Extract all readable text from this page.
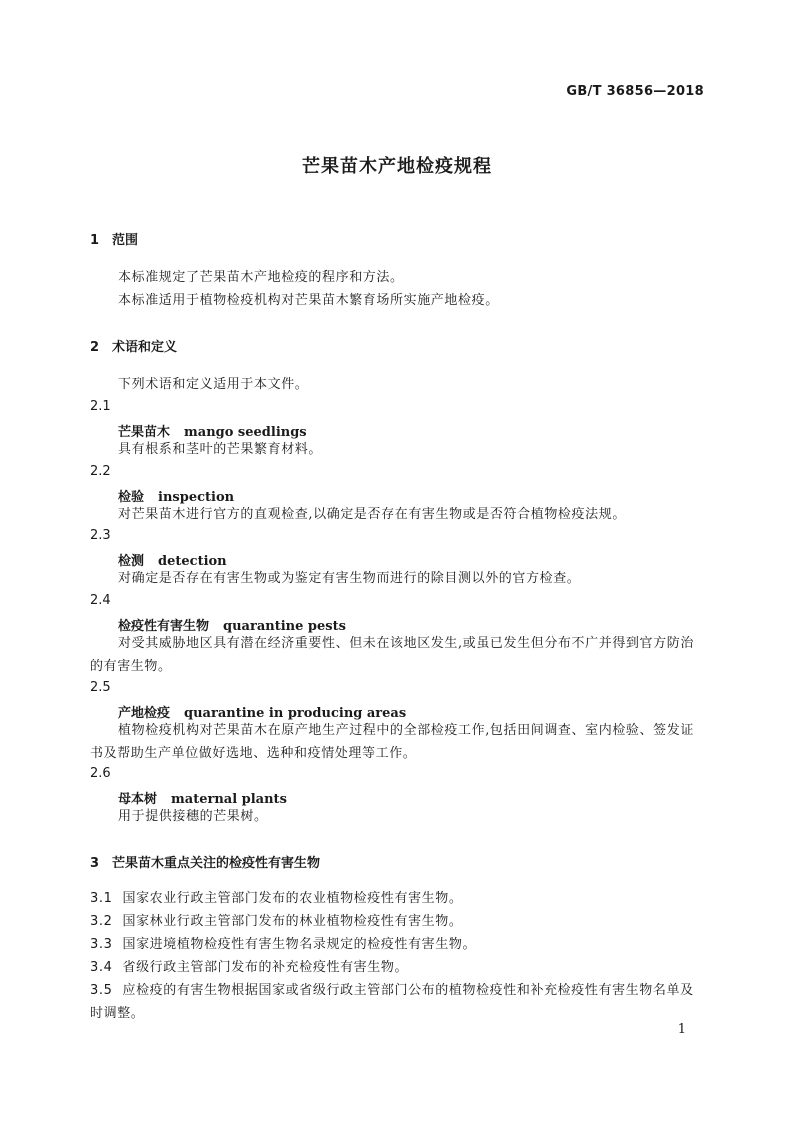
GB/T 36856—2018
芒果苗木产地检疫规程
1 范围
本标准规定了芒果苗木产地检疫的程序和方法。
本标准适用于植物检疫机构对芒果苗木繁育场所实施产地检疫。
2 术语和定义
下列术语和定义适用于本文件。
2.1
芒果苗木 mango seedlings
具有根系和茎叶的芒果繁育材料。
2.2
检验 inspection
对芒果苗木进行官方的直观检查,以确定是否存在有害生物或是否符合植物检疫法规。
2.3
检测 detection
对确定是否存在有害生物或为鉴定有害生物而进行的除目测以外的官方检查。
2.4
检疫性有害生物 quarantine pests
对受其威胁地区具有潜在经济重要性、但未在该地区发生,或虽已发生但分布不广并得到官方防治的有害生物。
2.5
产地检疫 quarantine in producing areas
植物检疫机构对芒果苗木在原产地生产过程中的全部检疫工作,包括田间调查、室内检验、签发证书及帮助生产单位做好选地、选种和疫情处理等工作。
2.6
母本树 maternal plants
用于提供接穗的芒果树。
3 芒果苗木重点关注的检疫性有害生物
3.1 国家农业行政主管部门发布的农业植物检疫性有害生物。
3.2 国家林业行政主管部门发布的林业植物检疫性有害生物。
3.3 国家进境植物检疫性有害生物名录规定的检疫性有害生物。
3.4 省级行政主管部门发布的补充检疫性有害生物。
3.5 应检疫的有害生物根据国家或省级行政主管部门公布的植物检疫性和补充检疫性有害生物名单及时调整。
1
